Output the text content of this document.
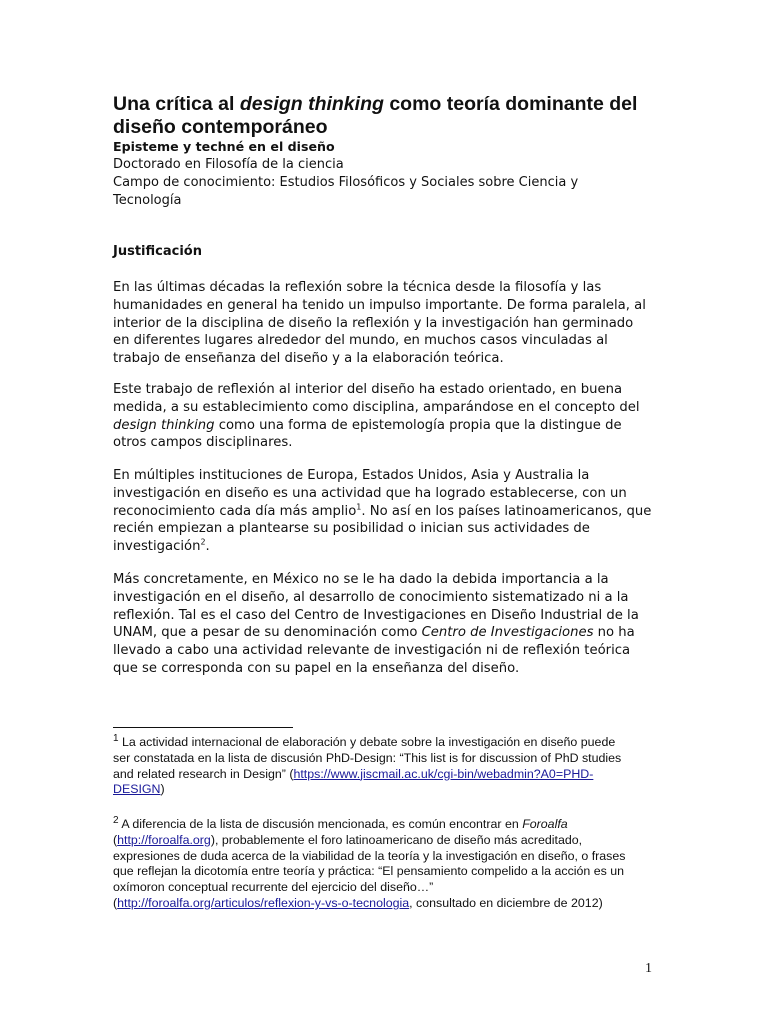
Una crítica al design thinking como teoría dominante del diseño contemporáneo
Episteme y techné en el diseño
Doctorado en Filosofía de la ciencia
Campo de conocimiento: Estudios Filosóficos y Sociales sobre Ciencia y Tecnología
Justificación

En las últimas décadas la reflexión sobre la técnica desde la filosofía y las humanidades en general ha tenido un impulso importante. De forma paralela, al interior de la disciplina de diseño la reflexión y la investigación han germinado en diferentes lugares alrededor del mundo, en muchos casos vinculadas al trabajo de enseñanza del diseño y a la elaboración teórica.

Este trabajo de reflexión al interior del diseño ha estado orientado, en buena medida, a su establecimiento como disciplina, amparándose en el concepto del design thinking como una forma de epistemología propia que la distingue de otros campos disciplinares.

En múltiples instituciones de Europa, Estados Unidos, Asia y Australia la investigación en diseño es una actividad que ha logrado establecerse, con un reconocimiento cada día más amplio$^1$. No así en los países latinoamericanos, que recién empiezan a plantearse su posibilidad o inician sus actividades de investigación$^2$.

Más concretamente, en México no se le ha dado la debida importancia a la investigación en el diseño, al desarrollo de conocimiento sistematizado ni a la reflexión. Tal es el caso del Centro de Investigaciones en Diseño Industrial de la UNAM, que a pesar de su denominación como Centro de Investigaciones no ha llevado a cabo una actividad relevante de investigación ni de reflexión teórica que se corresponda con su papel en la enseñanza del diseño.

$^1$ La actividad internacional de elaboración y debate sobre la investigación en diseño puede ser constatada en la lista de discusión PhD-Design: “This list is for discussion of PhD studies and related research in Design” (https://www.jiscmail.ac.uk/cgi-bin/webadmin?A0=PHD-DESIGN)

$^2$ A diferencia de la lista de discusión mencionada, es común encontrar en Foroalfa (http://foroalfa.org), probablemente el foro latinoamericano de diseño más acreditado, expresiones de duda acerca de la viabilidad de la teoría y la investigación en diseño, o frases que reflejan la dicotomía entre teoría y práctica: “El pensamiento compelido a la acción es un oxímoron conceptual recurrente del ejercicio del diseño…” (http://foroalfa.org/articulos/reflexion-y-vs-o-tecnologia, consultado en diciembre de 2012)

1
